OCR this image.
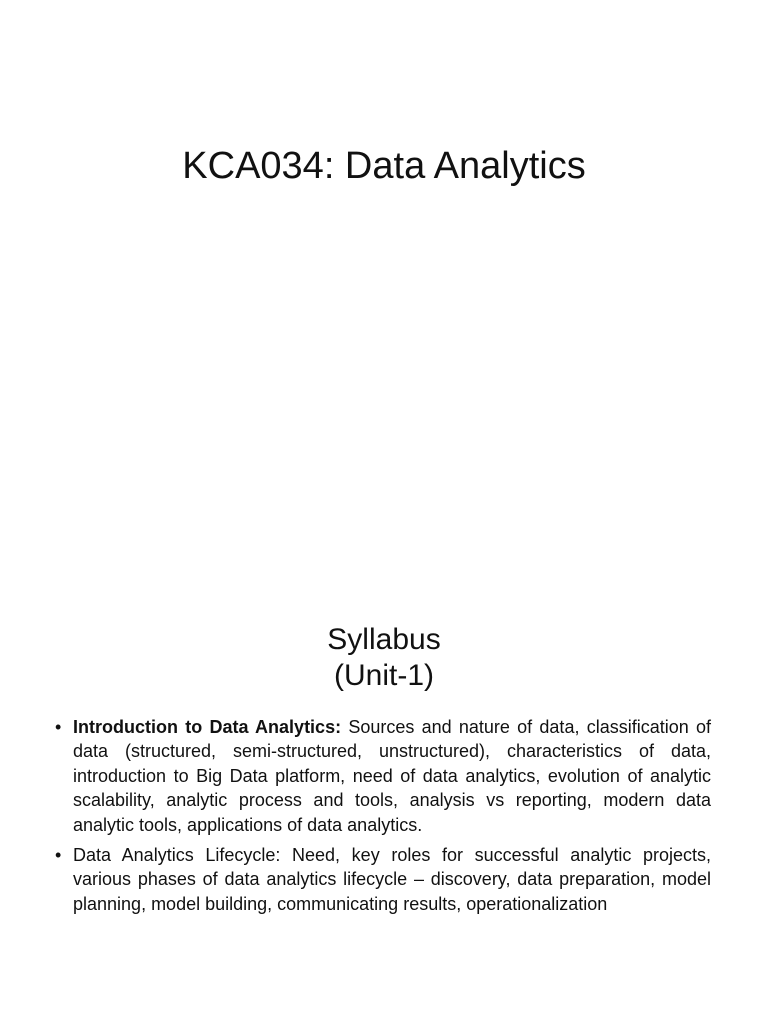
KCA034: Data Analytics
Syllabus
(Unit-1)
• Introduction to Data Analytics: Sources and nature of data, classification of data (structured, semi-structured, unstructured), characteristics of data, introduction to Big Data platform, need of data analytics, evolution of analytic scalability, analytic process and tools, analysis vs reporting, modern data analytic tools, applications of data analytics.
• Data Analytics Lifecycle: Need, key roles for successful analytic projects, various phases of data analytics lifecycle – discovery, data preparation, model planning, model building, communicating results, operationalization
